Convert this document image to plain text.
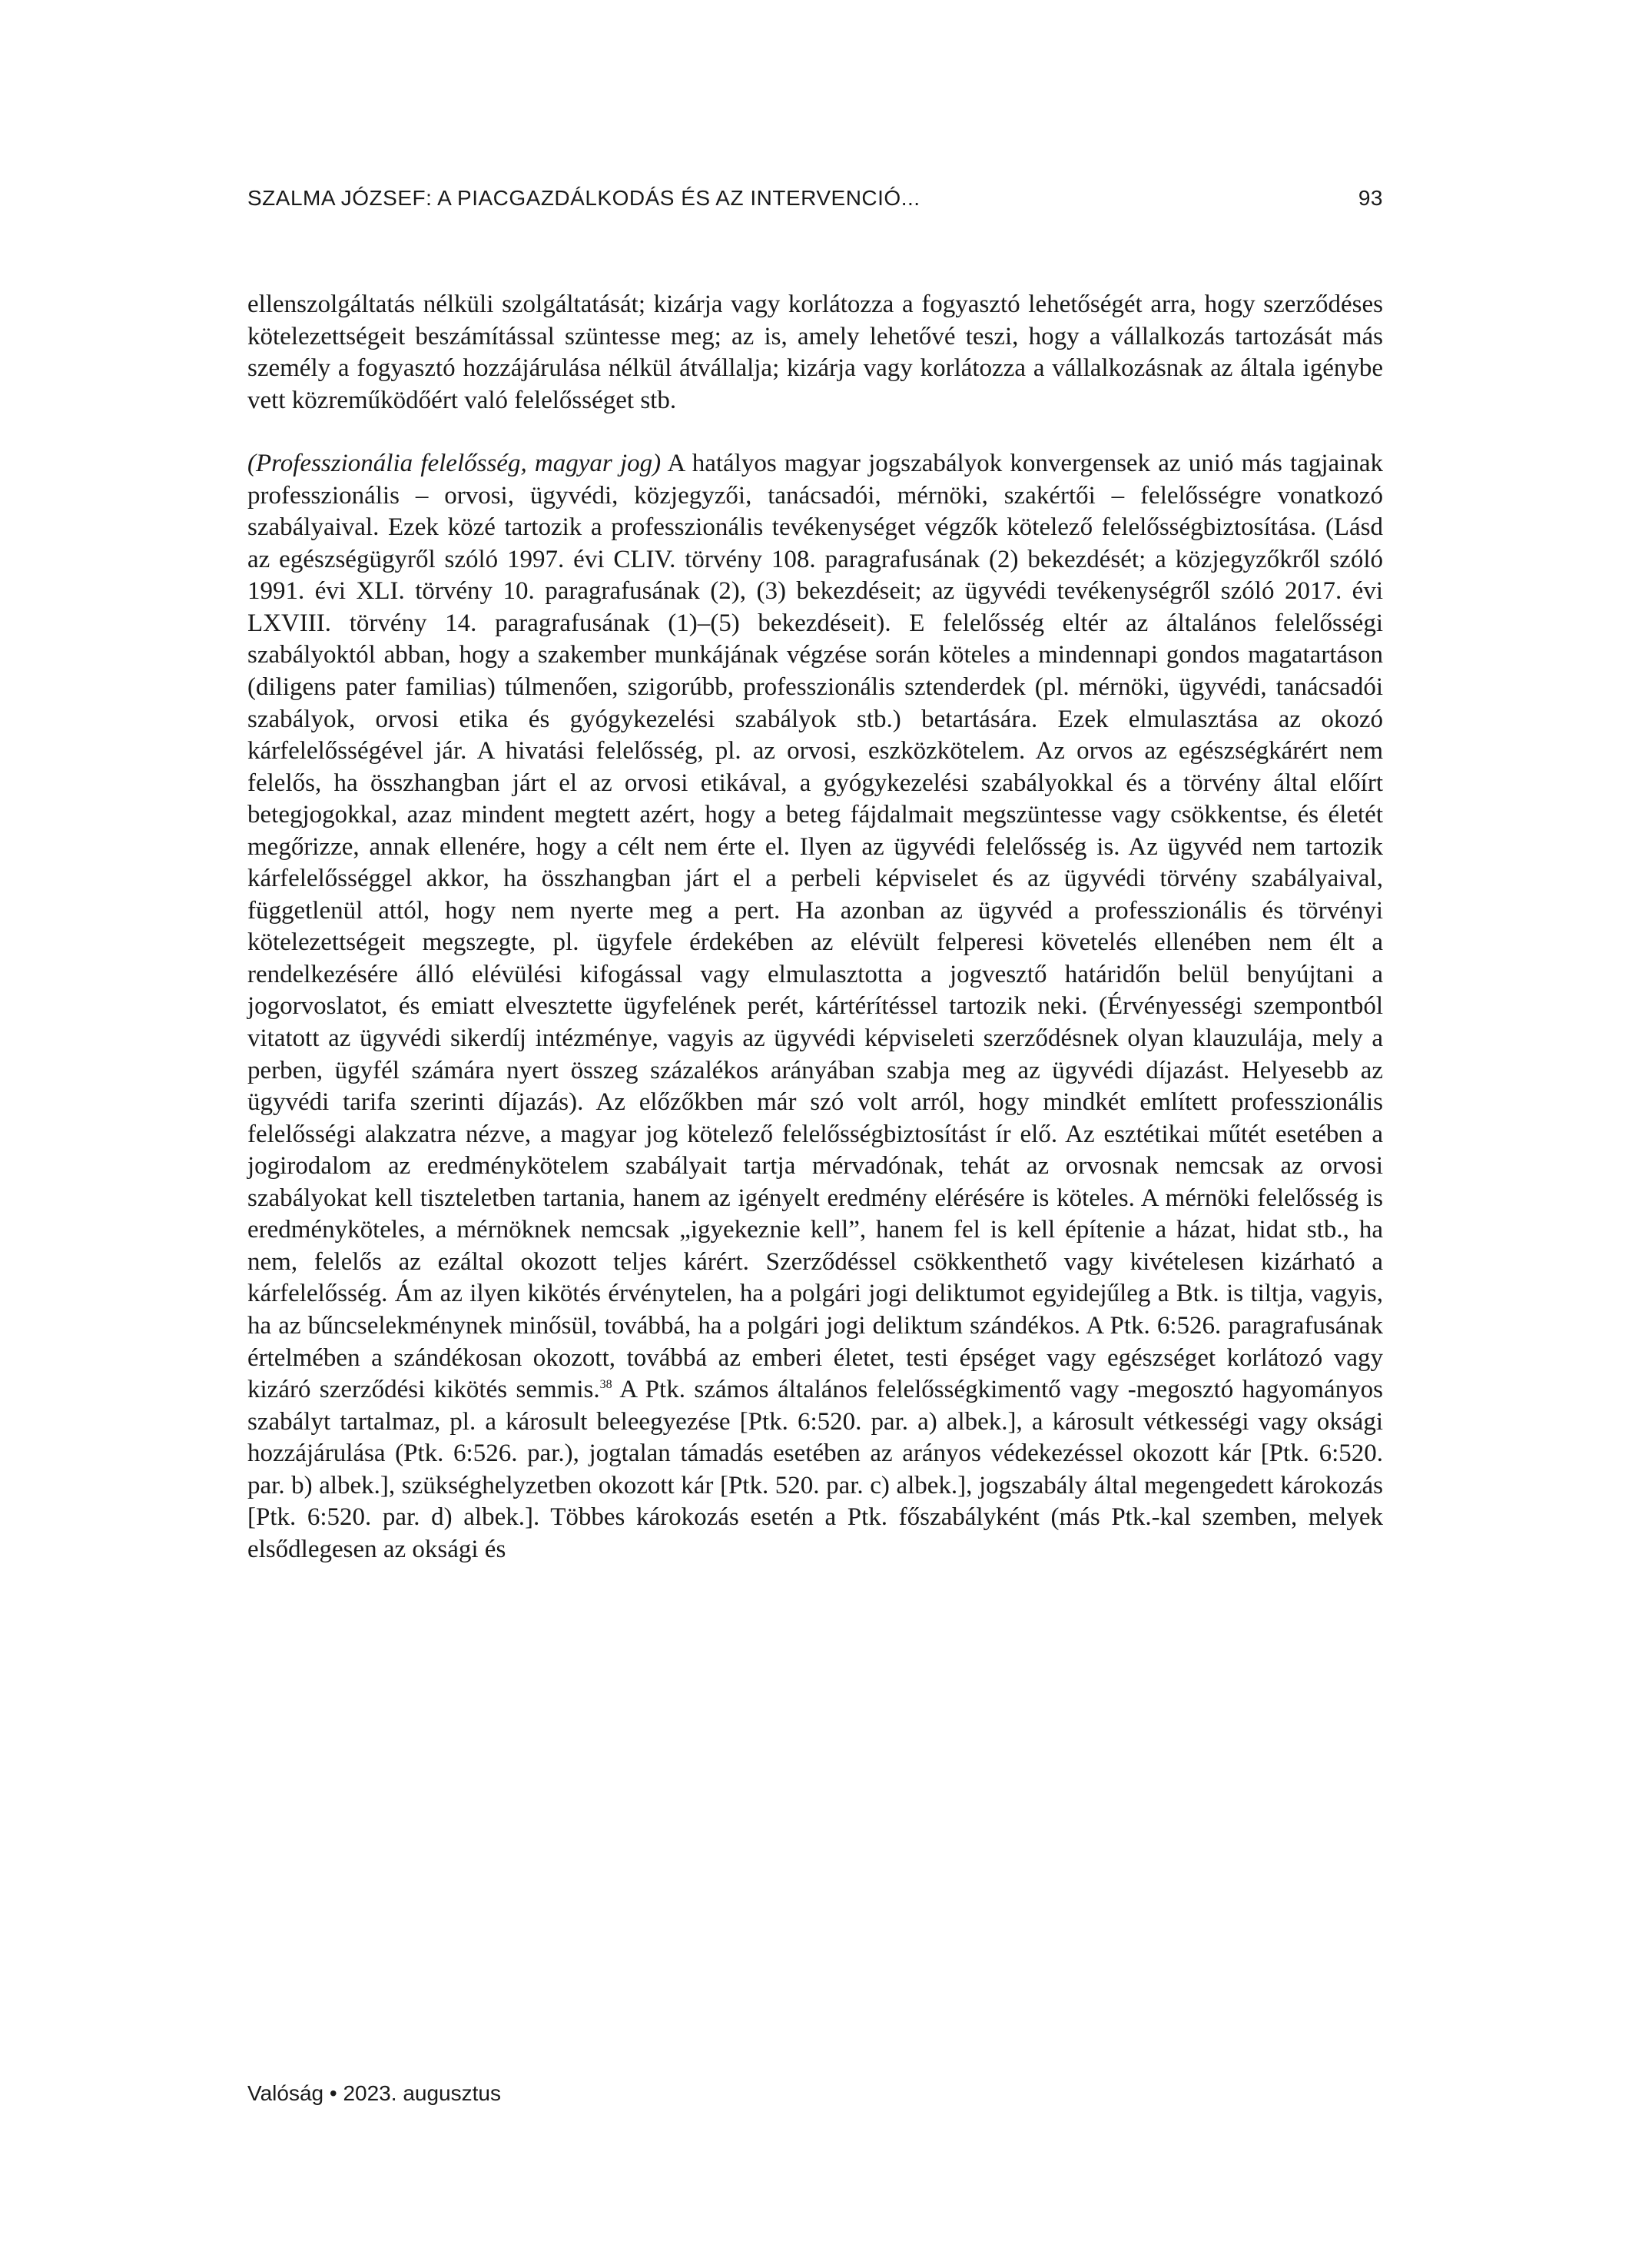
SZALMA JÓZSEF: A PIACGAZDÁLKODÁS ÉS AZ INTERVENCIÓ...	93

ellenszolgáltatás nélküli szolgáltatását; kizárja vagy korlátozza a fogyasztó lehetőségét arra, hogy szerződéses kötelezettségeit beszámítással szüntesse meg; az is, amely lehetővé teszi, hogy a vállalkozás tartozását más személy a fogyasztó hozzájárulása nélkül átvállalja; kizárja vagy korlátozza a vállalkozásnak az általa igénybe vett közreműködőért való felelősséget stb.

(Professzionália felelősség, magyar jog) A hatályos magyar jogszabályok konvergensek az unió más tagjainak professzionális – orvosi, ügyvédi, közjegyzői, tanácsadói, mérnöki, szakértői – felelősségre vonatkozó szabályaival. Ezek közé tartozik a professzionális tevékenységet végzők kötelező felelősségbiztosítása. (Lásd az egészségügyről szóló 1997. évi CLIV. törvény 108. paragrafusának (2) bekezdését; a közjegyzőkről szóló 1991. évi XLI. törvény 10. paragrafusának (2), (3) bekezdéseit; az ügyvédi tevékenységről szóló 2017. évi LXVIII. törvény 14. paragrafusának (1)–(5) bekezdéseit). E felelősség eltér az általános felelősségi szabályoktól abban, hogy a szakember munkájának végzése során köteles a mindennapi gondos magatartáson (diligens pater familias) túlmenően, szigorúbb, professzionális sztenderdek (pl. mérnöki, ügyvédi, tanácsadói szabályok, orvosi etika és gyógykezelési szabályok stb.) betartására. Ezek elmulasztása az okozó kárfelelősségével jár. A hivatási felelősség, pl. az orvosi, eszközkötelem. Az orvos az egészségkárért nem felelős, ha összhangban járt el az orvosi etikával, a gyógykezelési szabályokkal és a törvény által előírt betegjogokkal, azaz mindent megtett azért, hogy a beteg fájdalmait megszüntesse vagy csökkentse, és életét megőrizze, annak ellenére, hogy a célt nem érte el. Ilyen az ügyvédi felelősség is. Az ügyvéd nem tartozik kárfelelősséggel akkor, ha összhangban járt el a perbeli képviselet és az ügyvédi törvény szabályaival, függetlenül attól, hogy nem nyerte meg a pert. Ha azonban az ügyvéd a professzionális és törvényi kötelezettségeit megszegte, pl. ügyfele érdekében az elévült felperesi követelés ellenében nem élt a rendelkezésére álló elévülési kifogással vagy elmulasztotta a jogvesztő határidőn belül benyújtani a jogorvoslatot, és emiatt elvesztette ügyfelének perét, kártérítéssel tartozik neki. (Érvényességi szempontból vitatott az ügyvédi sikerdíj intézménye, vagyis az ügyvédi képviseleti szerződésnek olyan klauzulája, mely a perben, ügyfél számára nyert összeg százalékos arányában szabja meg az ügyvédi díjazást. Helyesebb az ügyvédi tarifa szerinti díjazás). Az előzőkben már szó volt arról, hogy mindkét említett professzionális felelősségi alakzatra nézve, a magyar jog kötelező felelősségbiztosítást ír elő. Az esztétikai műtét esetében a jogirodalom az eredménykötelem szabályait tartja mérvadónak, tehát az orvosnak nemcsak az orvosi szabályokat kell tiszteletben tartania, hanem az igényelt eredmény elérésére is köteles. A mérnöki felelősség is eredményköteles, a mérnöknek nemcsak „igyekeznie kell”, hanem fel is kell építenie a házat, hidat stb., ha nem, felelős az ezáltal okozott teljes kárért. Szerződéssel csökkenthető vagy kivételesen kizárható a kárfelelősség. Ám az ilyen kikötés érvénytelen, ha a polgári jogi deliktumot egyidejűleg a Btk. is tiltja, vagyis, ha az bűncselekménynek minősül, továbbá, ha a polgári jogi deliktum szándékos. A Ptk. 6:526. paragrafusának értelmében a szándékosan okozott, továbbá az emberi életet, testi épséget vagy egészséget korlátozó vagy kizáró szerződési kikötés semmis.$^{38}$ A Ptk. számos általános felelősségkimentő vagy -megosztó hagyományos szabályt tartalmaz, pl. a károsult beleegyezése [Ptk. 6:520. par. a) albek.], a károsult vétkességi vagy oksági hozzájárulása (Ptk. 6:526. par.), jogtalan támadás esetében az arányos védekezéssel okozott kár [Ptk. 6:520. par. b) albek.], szükséghelyzetben okozott kár [Ptk. 520. par. c) albek.], jogszabály által megengedett károkozás [Ptk. 6:520. par. d) albek.]. Többes károkozás esetén a Ptk. főszabályként (más Ptk.-kal szemben, melyek elsődlegesen az oksági és

Valóság • 2023. augusztus
